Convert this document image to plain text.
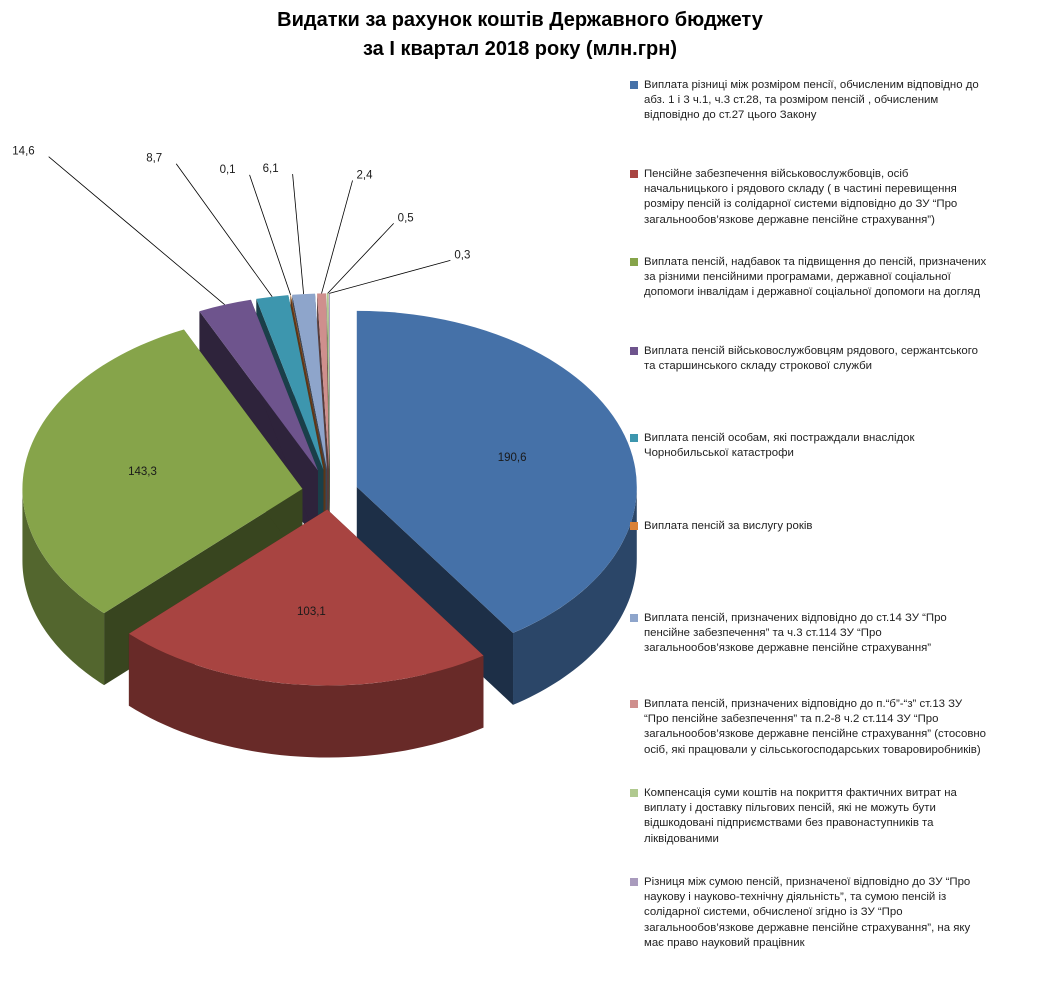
Видатки за рахунок коштів Державного бюджету
за І квартал 2018 року (млн.грн)
190,6
103,1
143,3
14,6
8,7
0,1 6,1
2,4
0,5
0,3
Виплата різниці між розміром пенсії, обчисленим відповідно до абз. 1 і 3 ч.1, ч.3 ст.28, та розміром пенсій , обчисленим відповідно до ст.27 цього Закону
Пенсійне забезпечення військовослужбовців, осіб начальницького і рядового складу ( в частині перевищення розміру пенсій із солідарної системи відповідно до ЗУ “Про загальнообов’язкове державне пенсійне страхування”)
Виплата пенсій, надбавок та підвищення до пенсій, призначених за різними пенсійними програмами, державної соціальної допомоги інвалідам і державної соціальної допомоги на догляд
Виплата пенсій військовослужбовцям рядового, сержантського та старшинського складу строкової служби
Виплата пенсій особам, які постраждали внаслідок Чорнобильської катастрофи
Виплата пенсій за вислугу років
Виплата пенсій, призначених відповідно до ст.14 ЗУ “Про пенсійне забезпечення” та ч.3 ст.114 ЗУ “Про загальнообов’язкове державне пенсійне страхування”
Виплата пенсій, призначених відповідно до п.“б”-“з” ст.13 ЗУ “Про пенсійне забезпечення” та п.2-8 ч.2 ст.114 ЗУ “Про загальнообов’язкове державне пенсійне страхування” (стосовно осіб, які працювали у сільськогосподарських товаровиробників)
Компенсація суми коштів на покриття фактичних витрат на виплату і доставку пільгових пенсій, які не можуть бути відшкодовані підприємствами без правонаступників та ліквідованими
Різниця між сумою пенсій, призначеної відповідно до ЗУ “Про наукову і науково-технічну діяльність”, та сумою пенсій із солідарної системи, обчисленої згідно із ЗУ “Про загальнообов’язкове державне пенсійне страхування”, на яку має право науковий працівник
